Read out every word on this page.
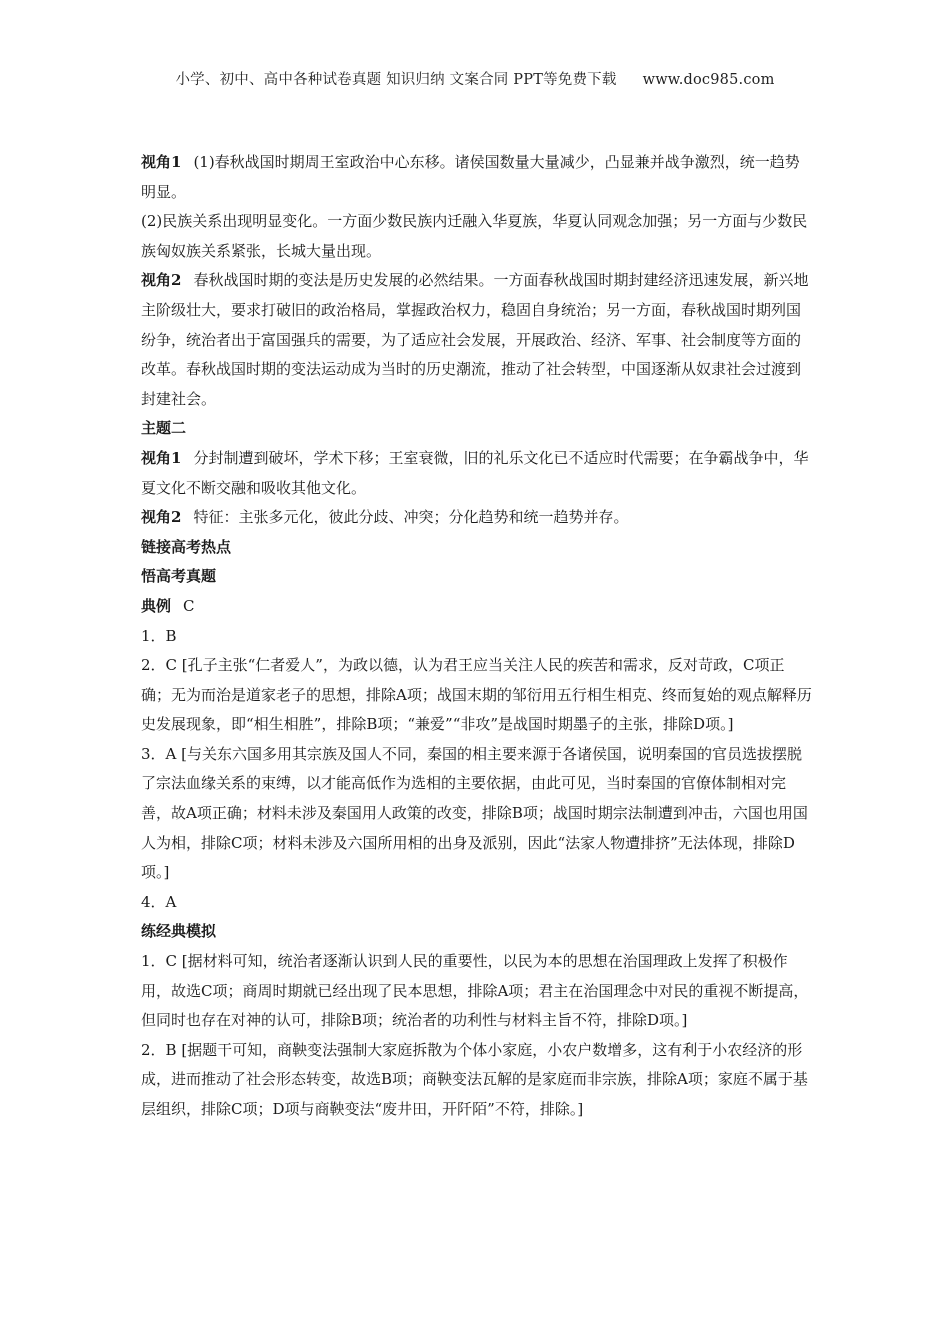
小学、初中、高中各种试卷真题 知识归纳 文案合同 PPT等免费下载 www.doc985.com

视角1 (1)春秋战国时期周王室政治中心东移。诸侯国数量大量减少，凸显兼并战争激烈，统一趋势明显。

(2)民族关系出现明显变化。一方面少数民族内迁融入华夏族，华夏认同观念加强；另一方面与少数民族匈奴族关系紧张，长城大量出现。

视角2 春秋战国时期的变法是历史发展的必然结果。一方面春秋战国时期封建经济迅速发展，新兴地主阶级壮大，要求打破旧的政治格局，掌握政治权力，稳固自身统治；另一方面，春秋战国时期列国纷争，统治者出于富国强兵的需要，为了适应社会发展，开展政治、经济、军事、社会制度等方面的改革。春秋战国时期的变法运动成为当时的历史潮流，推动了社会转型，中国逐渐从奴隶社会过渡到封建社会。

主题二

视角1 分封制遭到破坏，学术下移；王室衰微，旧的礼乐文化已不适应时代需要；在争霸战争中，华夏文化不断交融和吸收其他文化。

视角2 特征：主张多元化，彼此分歧、冲突；分化趋势和统一趋势并存。

链接高考热点

悟高考真题

典例 C

1．B

2．C [孔子主张“仁者爱人”，为政以德，认为君王应当关注人民的疾苦和需求，反对苛政，C项正确；无为而治是道家老子的思想，排除A项；战国末期的邹衍用五行相生相克、终而复始的观点解释历史发展现象，即“相生相胜”，排除B项；“兼爱”“非攻”是战国时期墨子的主张，排除D项。]

3．A [与关东六国多用其宗族及国人不同，秦国的相主要来源于各诸侯国，说明秦国的官员选拔摆脱了宗法血缘关系的束缚，以才能高低作为选相的主要依据，由此可见，当时秦国的官僚体制相对完善，故A项正确；材料未涉及秦国用人政策的改变，排除B项；战国时期宗法制遭到冲击，六国也用国人为相，排除C项；材料未涉及六国所用相的出身及派别，因此“法家人物遭排挤”无法体现，排除D项。]

4．A

练经典模拟

1．C [据材料可知，统治者逐渐认识到人民的重要性，以民为本的思想在治国理政上发挥了积极作用，故选C项；商周时期就已经出现了民本思想，排除A项；君主在治国理念中对民的重视不断提高，但同时也存在对神的认可，排除B项；统治者的功利性与材料主旨不符，排除D项。]

2．B [据题干可知，商鞅变法强制大家庭拆散为个体小家庭，小农户数增多，这有利于小农经济的形成，进而推动了社会形态转变，故选B项；商鞅变法瓦解的是家庭而非宗族，排除A项；家庭不属于基层组织，排除C项；D项与商鞅变法“废井田，开阡陌”不符，排除。]
